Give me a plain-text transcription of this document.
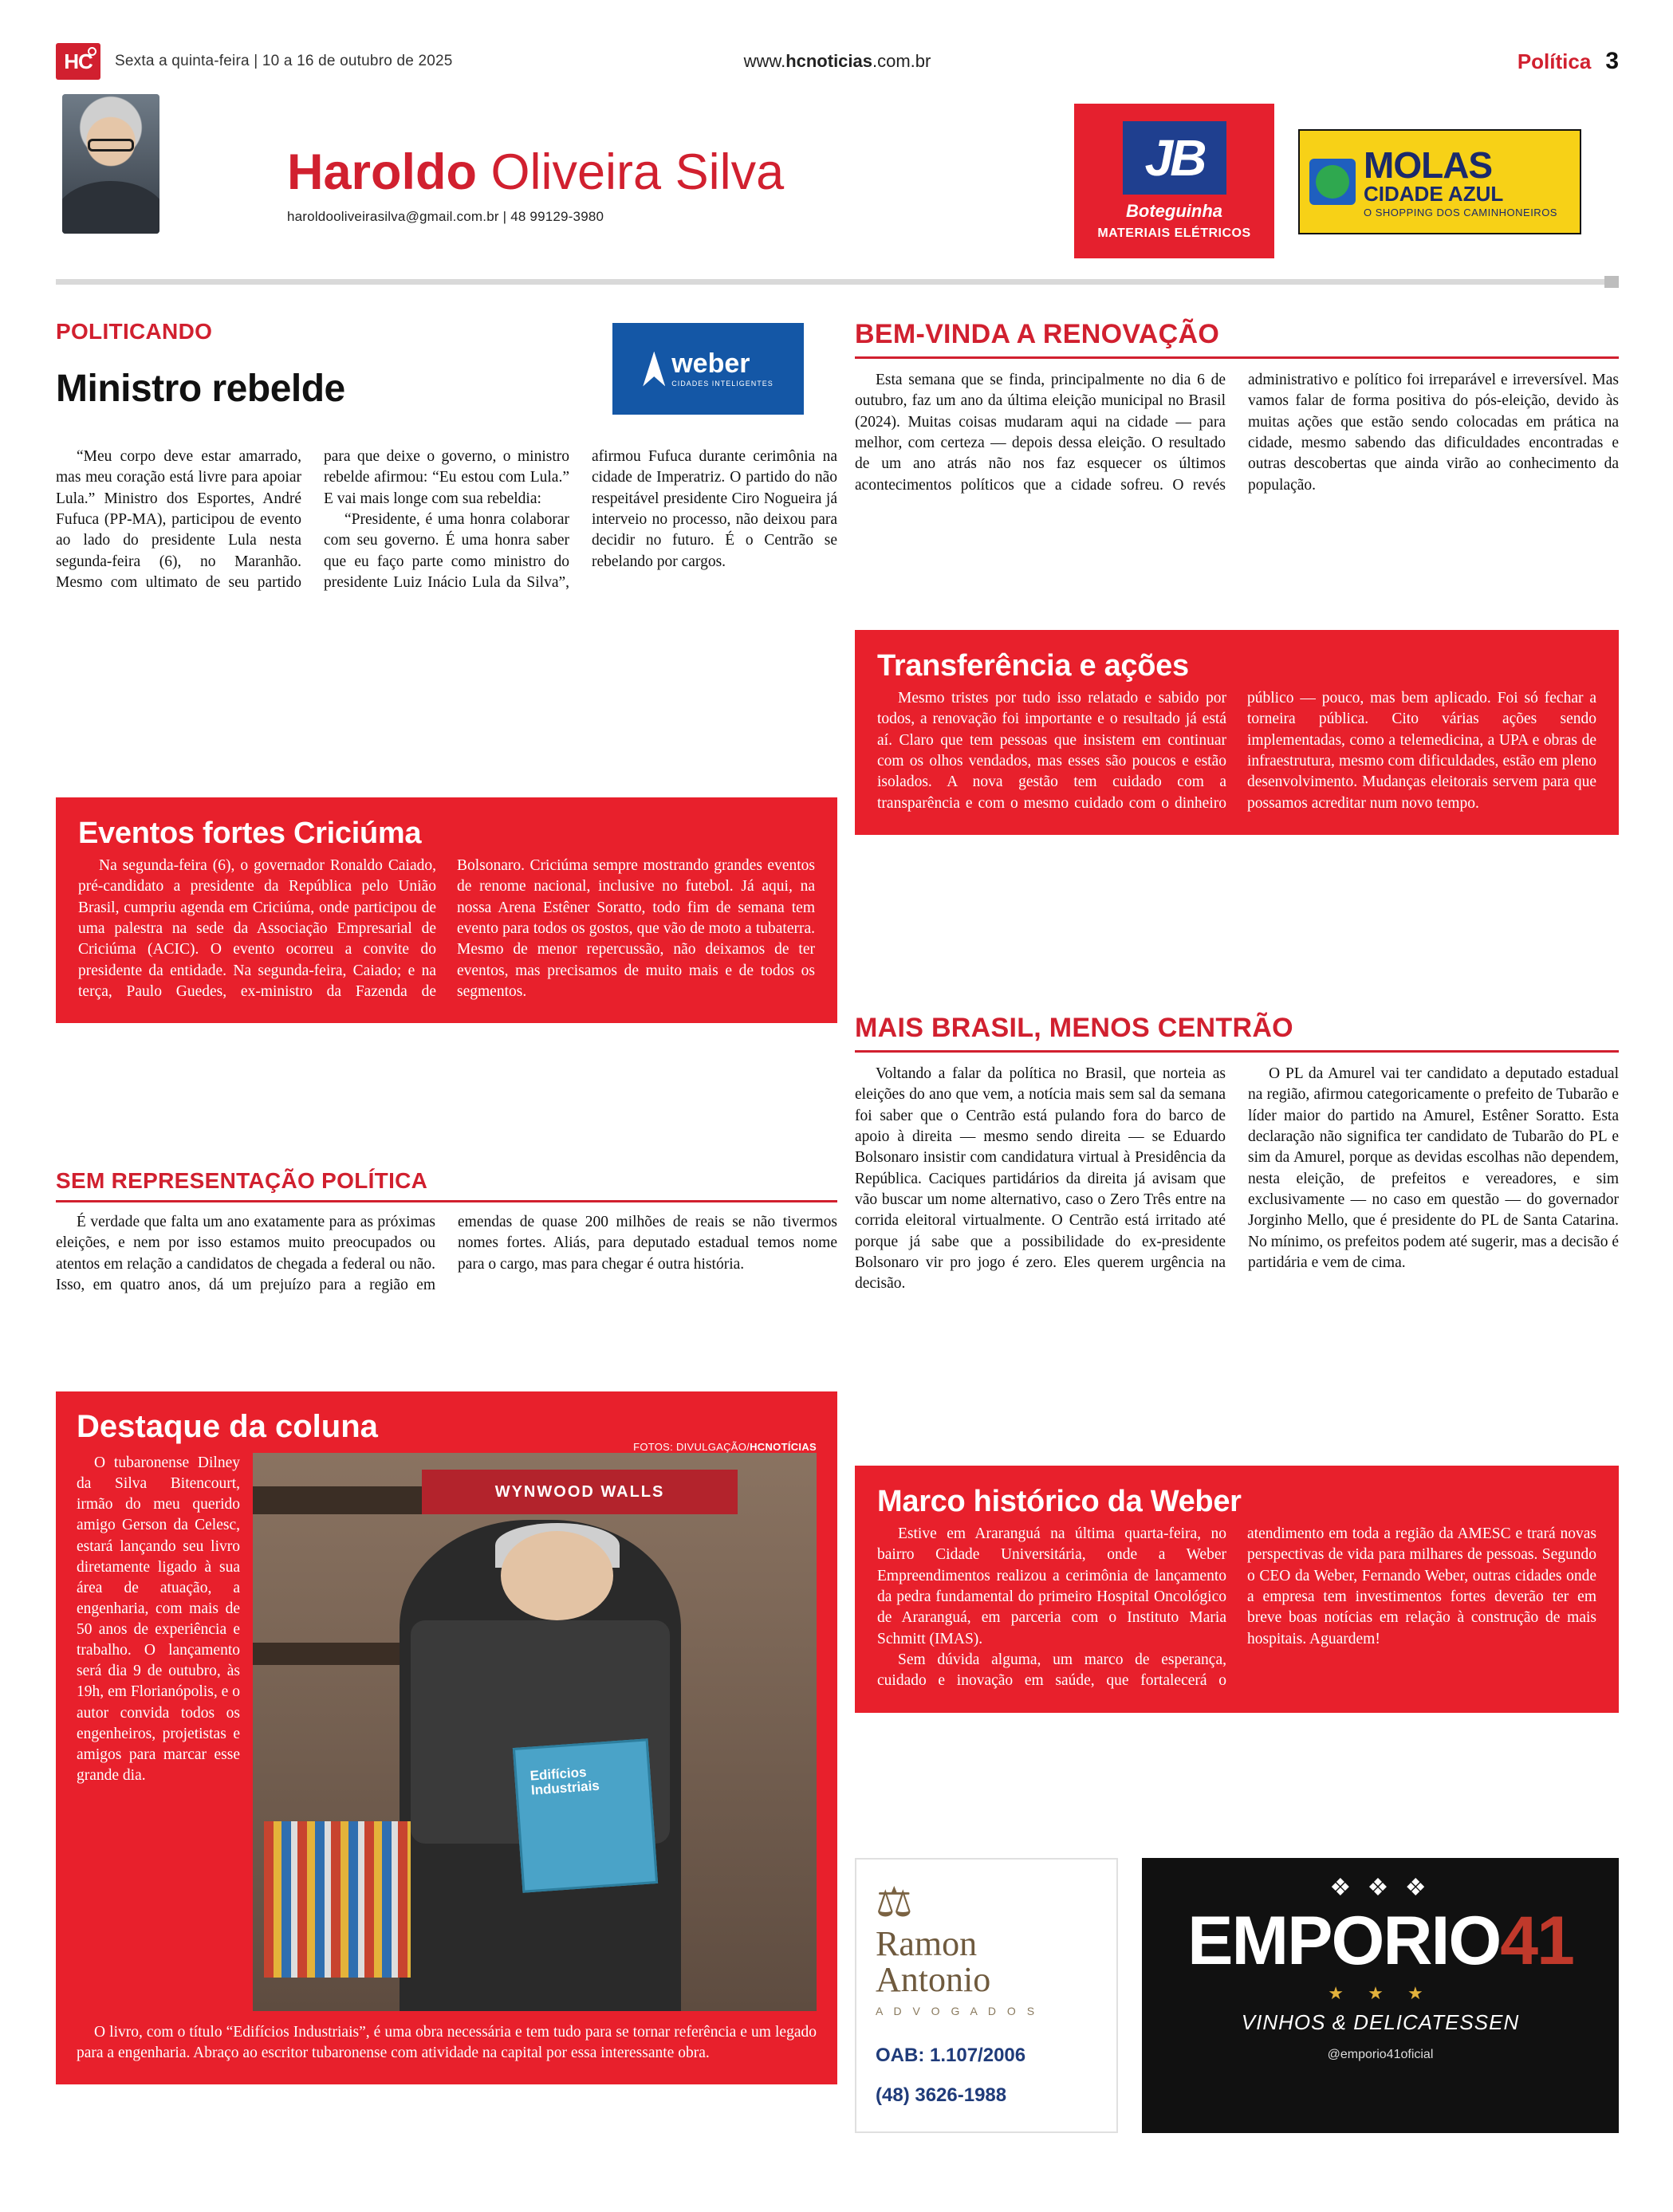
HC	Sexta a quinta-feira | 10 a 16 de outubro de 2025	www.hcnoticias.com.br	Política 3
Haroldo Oliveira Silva
haroldooliveirasilva@gmail.com.br | 48 99129-3980
JB
Boteguinha
MATERIAIS ELÉTRICOS
MOLAS
CIDADE AZUL
O SHOPPING DOS CAMINHONEIROS
POLITICANDO
weber
CIDADES INTELIGENTES
Ministro rebelde

“Meu corpo deve estar amarrado, mas meu coração está livre para apoiar Lula.” Ministro dos Esportes, André Fufuca (PP-MA), participou de evento ao lado do presidente Lula nesta segunda-feira (6), no Maranhão. Mesmo com ultimato de seu partido para que deixe o governo, o ministro rebelde afirmou: “Eu estou com Lula.” E vai mais longe com sua rebeldia:

“Presidente, é uma honra colaborar com seu governo. É uma honra saber que eu faço parte como ministro do presidente Luiz Inácio Lula da Silva”, afirmou Fufuca durante cerimônia na cidade de Imperatriz. O partido do não respeitável presidente Ciro Nogueira já interveio no processo, não deixou para decidir no futuro. É o Centrão se rebelando por cargos.

Eventos fortes Criciúma

Na segunda-feira (6), o governador Ronaldo Caiado, pré-candidato a presidente da República pelo União Brasil, cumpriu agenda em Criciúma, onde participou de uma palestra na sede da Associação Empresarial de Criciúma (ACIC). O evento ocorreu a convite do presidente da entidade. Na segunda-feira, Caiado; e na terça, Paulo Guedes, ex-ministro da Fazenda de Bolsonaro. Criciúma sempre mostrando grandes eventos de renome nacional, inclusive no futebol. Já aqui, na nossa Arena Estêner Soratto, todo fim de semana tem evento para todos os gostos, que vão de moto a tubaterra. Mesmo de menor repercussão, não deixamos de ter eventos, mas precisamos de muito mais e de todos os segmentos.

SEM REPRESENTAÇÃO POLÍTICA

É verdade que falta um ano exatamente para as próximas eleições, e nem por isso estamos muito preocupados ou atentos em relação a candidatos de chegada a federal ou não. Isso, em quatro anos, dá um prejuízo para a região em emendas de quase 200 milhões de reais se não tivermos nomes fortes. Aliás, para deputado estadual temos nome para o cargo, mas para chegar é outra história.

Destaque da coluna
FOTOS: DIVULGAÇÃO/HCNOTÍCIAS

O tubaronense Dilney da Silva Bitencourt, irmão do meu querido amigo Gerson da Celesc, estará lançando seu livro diretamente ligado à sua área de atuação, a engenharia, com mais de 50 anos de experiência e trabalho. O lançamento será dia 9 de outubro, às 19h, em Florianópolis, e o autor convida todos os engenheiros, projetistas e amigos para marcar esse grande dia.

WYNWOOD WALLS
Edifícios Industriais

O livro, com o título “Edifícios Industriais”, é uma obra necessária e tem tudo para se tornar referência e um legado para a engenharia. Abraço ao escritor tubaronense com atividade na capital por essa interessante obra.

BEM-VINDA A RENOVAÇÃO

Esta semana que se finda, principalmente no dia 6 de outubro, faz um ano da última eleição municipal no Brasil (2024). Muitas coisas mudaram aqui na cidade — para melhor, com certeza — depois dessa eleição. O resultado de um ano atrás não nos faz esquecer os últimos acontecimentos políticos que a cidade sofreu. O revés administrativo e político foi irreparável e irreversível. Mas vamos falar de forma positiva do pós-eleição, devido às muitas ações que estão sendo colocadas em prática na cidade, mesmo sabendo das dificuldades encontradas e outras descobertas que ainda virão ao conhecimento da população.

Transferência e ações

Mesmo tristes por tudo isso relatado e sabido por todos, a renovação foi importante e o resultado já está aí. Claro que tem pessoas que insistem em continuar com os olhos vendados, mas esses são poucos e estão isolados. A nova gestão tem cuidado com a transparência e com o mesmo cuidado com o dinheiro público — pouco, mas bem aplicado. Foi só fechar a torneira pública. Cito várias ações sendo implementadas, como a telemedicina, a UPA e obras de infraestrutura, mesmo com dificuldades, estão em pleno desenvolvimento. Mudanças eleitorais servem para que possamos acreditar num novo tempo.

MAIS BRASIL, MENOS CENTRÃO

Voltando a falar da política no Brasil, que norteia as eleições do ano que vem, a notícia mais sem sal da semana foi saber que o Centrão está pulando fora do barco de apoio à direita — mesmo sendo direita — se Eduardo Bolsonaro insistir com candidatura virtual à Presidência da República. Caciques partidários da direita já avisam que vão buscar um nome alternativo, caso o Zero Três entre na corrida eleitoral virtualmente. O Centrão está irritado até porque já sabe que a possibilidade do ex-presidente Bolsonaro vir pro jogo é zero. Eles querem urgência na decisão.

O PL da Amurel vai ter candidato a deputado estadual na região, afirmou categoricamente o prefeito de Tubarão e líder maior do partido na Amurel, Estêner Soratto. Esta declaração não significa ter candidato de Tubarão do PL e sim da Amurel, porque as devidas escolhas não dependem, nesta eleição, de prefeitos e vereadores, e sim exclusivamente — no caso em questão — do governador Jorginho Mello, que é presidente do PL de Santa Catarina. No mínimo, os prefeitos podem até sugerir, mas a decisão é partidária e vem de cima.

Marco histórico da Weber

Estive em Araranguá na última quarta-feira, no bairro Cidade Universitária, onde a Weber Empreendimentos realizou a cerimônia de lançamento da pedra fundamental do primeiro Hospital Oncológico de Araranguá, em parceria com o Instituto Maria Schmitt (IMAS).

Sem dúvida alguma, um marco de esperança, cuidado e inovação em saúde, que fortalecerá o atendimento em toda a região da AMESC e trará novas perspectivas de vida para milhares de pessoas. Segundo o CEO da Weber, Fernando Weber, outras cidades onde a empresa tem investimentos fortes deverão ter em breve boas notícias em relação à construção de mais hospitais. Aguardem!

⚖
Ramon
Antonio
A D V O G A D O S
OAB: 1.107/2006
(48) 3626-1988
❖ ❖ ❖
EMPORIO41
★ ★ ★
VINHOS & DELICATESSEN
@emporio41oficial
